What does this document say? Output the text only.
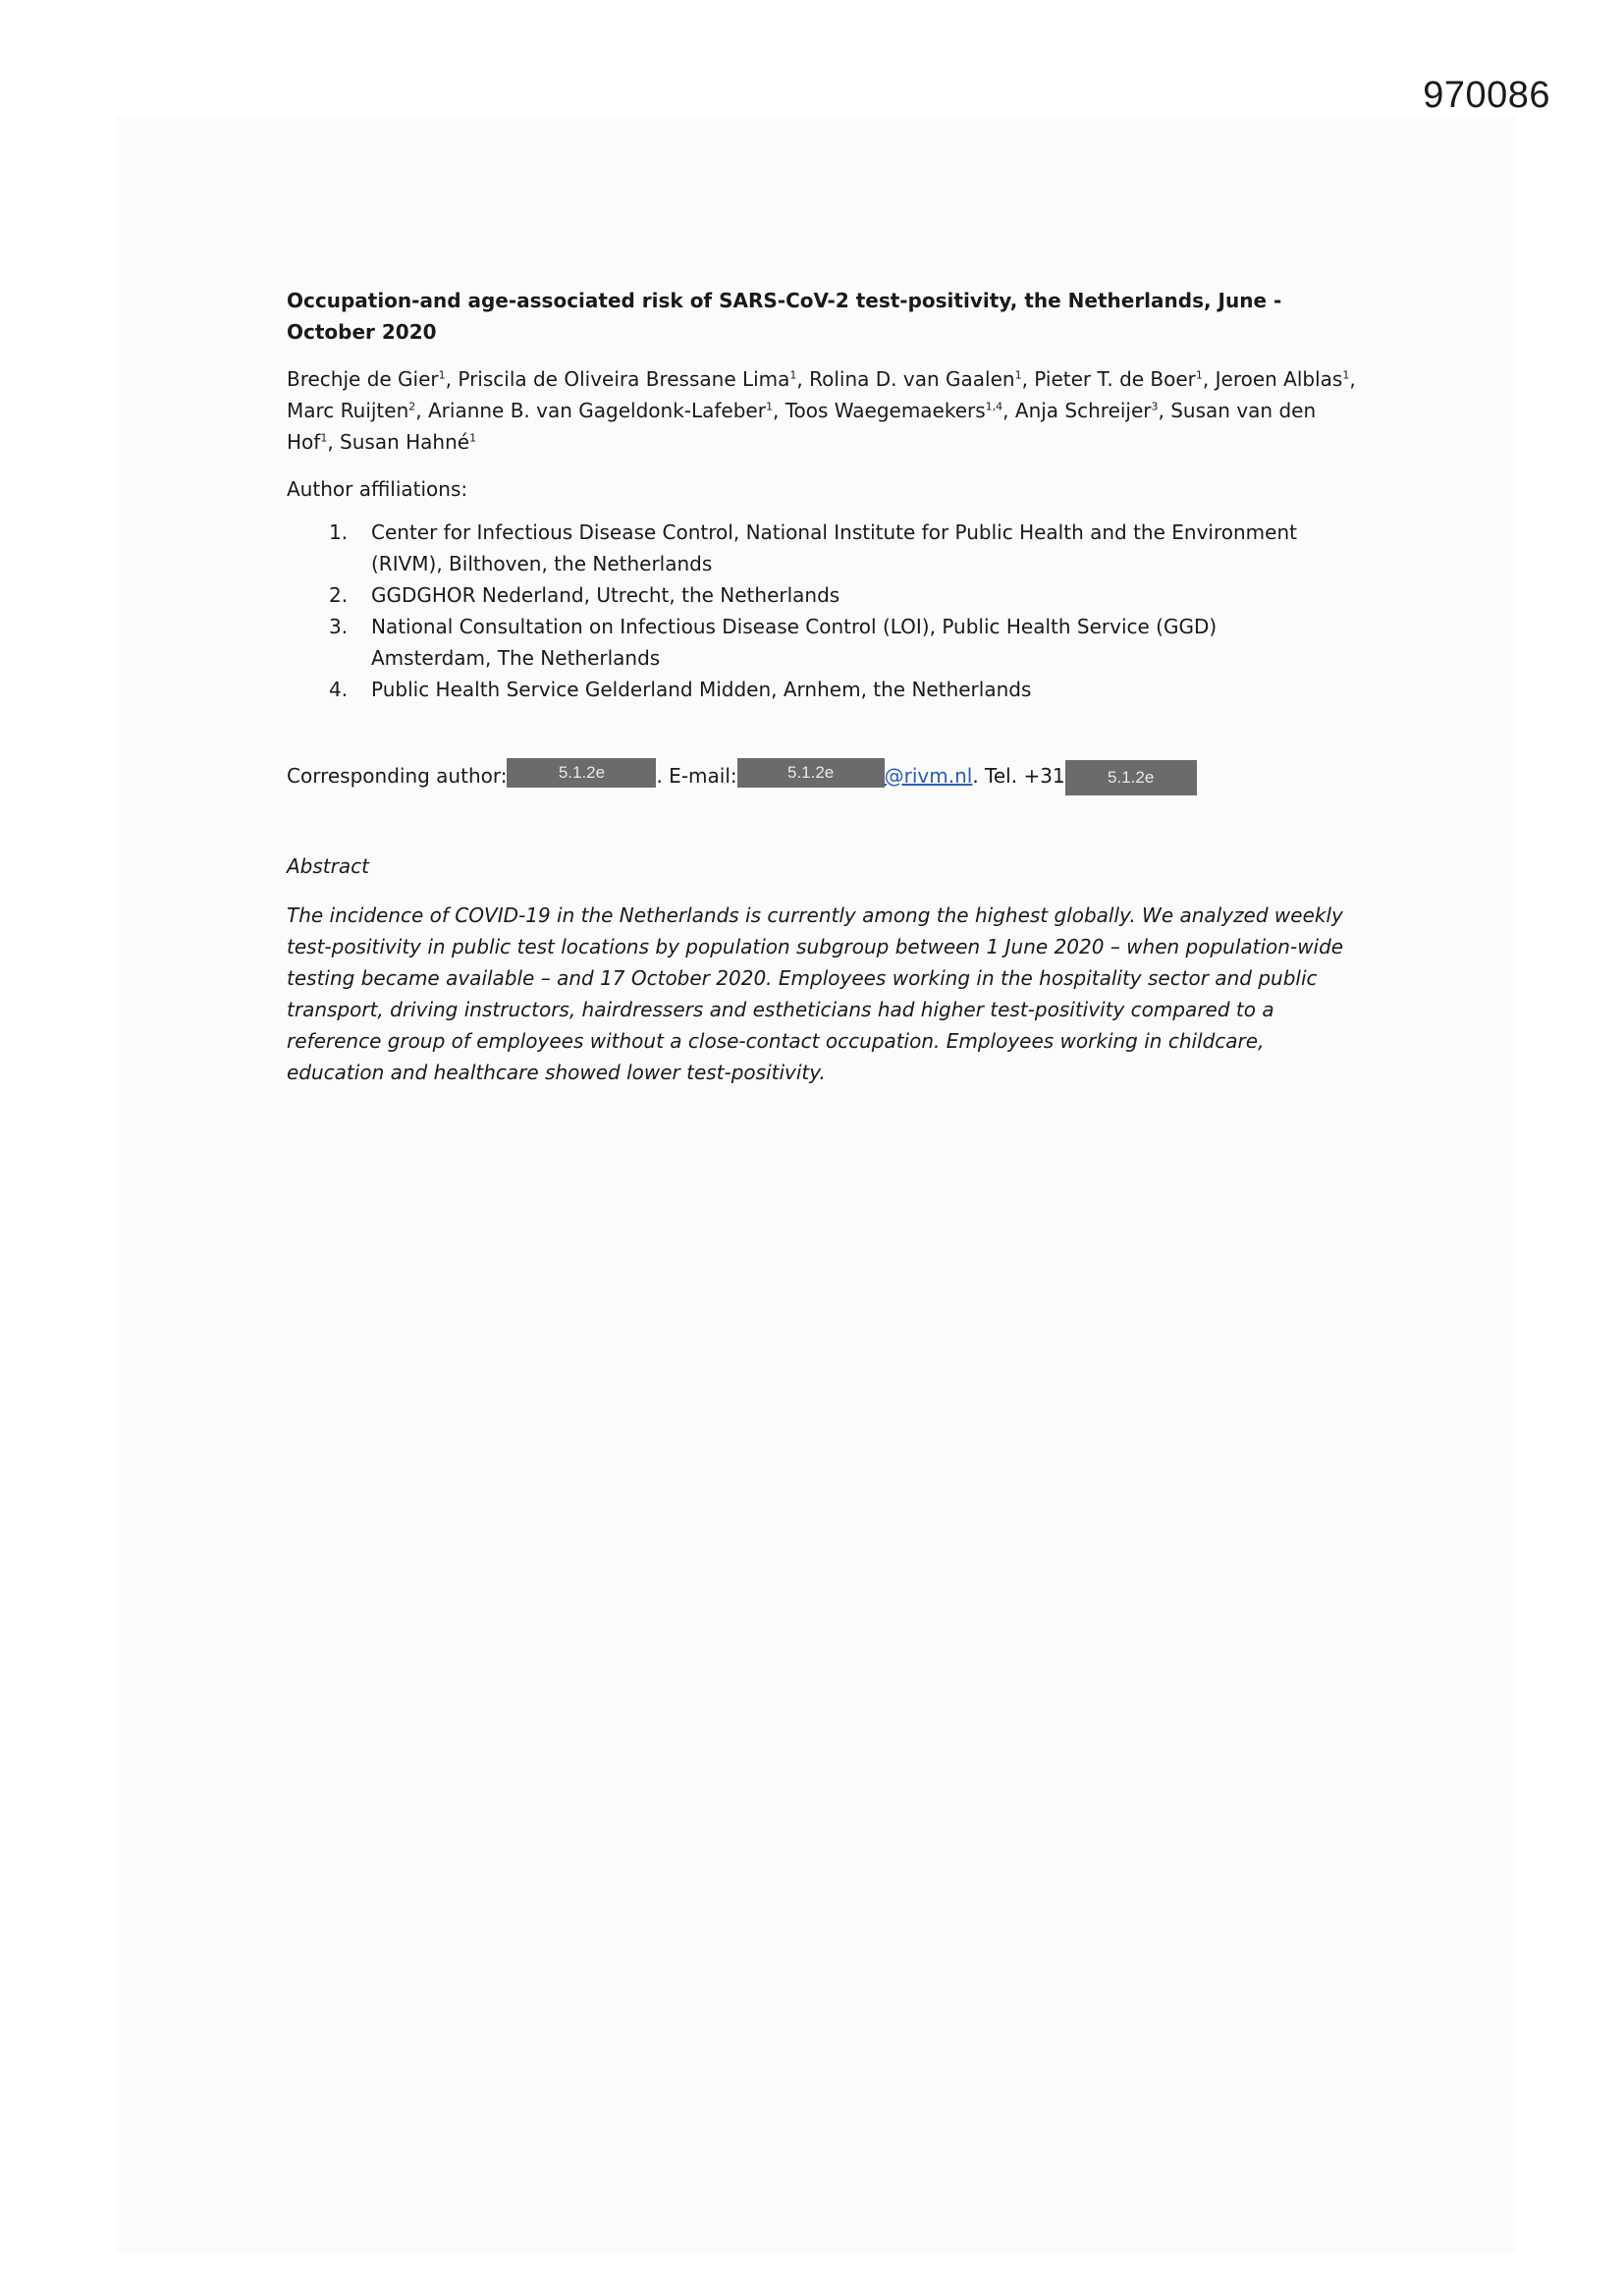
970086
Occupation-and age-associated risk of SARS-CoV-2 test-positivity, the Netherlands, June - October 2020
Brechje de Gier$^1$, Priscila de Oliveira Bressane Lima$^1$, Rolina D. van Gaalen$^1$, Pieter T. de Boer$^1$, Jeroen Alblas$^1$, Marc Ruijten$^2$, Arianne B. van Gageldonk-Lafeber$^1$, Toos Waegemaekers$^{1,4}$, Anja Schreijer$^3$, Susan van den Hof$^1$, Susan Hahné$^1$
Author affiliations:
1.	Center for Infectious Disease Control, National Institute for Public Health and the Environment (RIVM), Bilthoven, the Netherlands
2.	GGDGHOR Nederland, Utrecht, the Netherlands
3.	National Consultation on Infectious Disease Control (LOI), Public Health Service (GGD) Amsterdam, The Netherlands
4.	Public Health Service Gelderland Midden, Arnhem, the Netherlands
Corresponding author:	5.1.2e	. E-mail:	5.1.2e	@rivm.nl . Tel. +31	5.1.2e
Abstract
The incidence of COVID-19 in the Netherlands is currently among the highest globally. We analyzed weekly test-positivity in public test locations by population subgroup between 1 June 2020 – when population-wide testing became available – and 17 October 2020. Employees working in the hospitality sector and public transport, driving instructors, hairdressers and estheticians had higher test-positivity compared to a reference group of employees without a close-contact occupation. Employees working in childcare, education and healthcare showed lower test-positivity.
